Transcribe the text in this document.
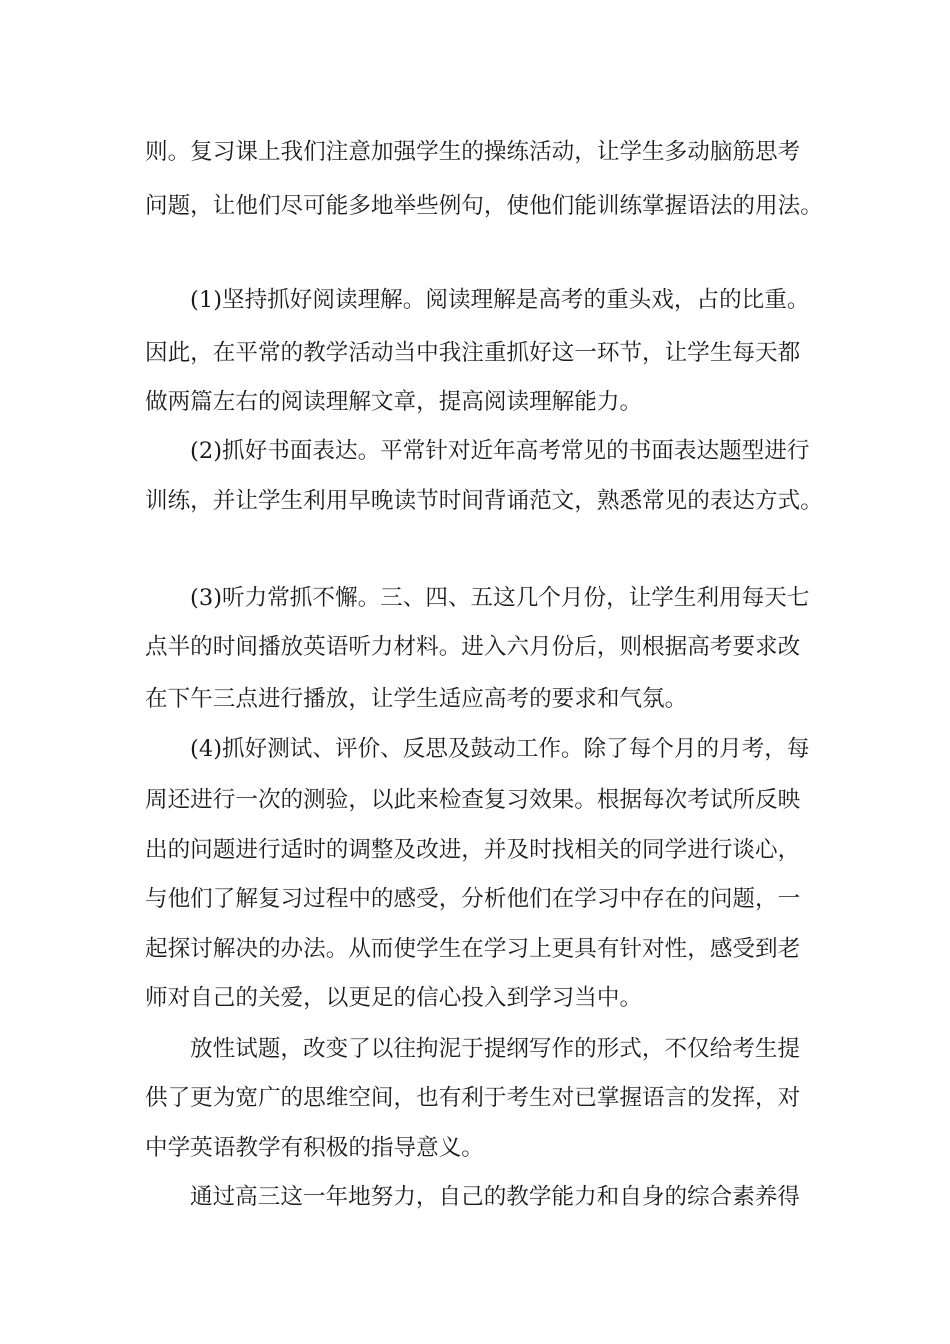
则。复习课上我们注意加强学生的操练活动，让学生多动脑筋思考
问题，让他们尽可能多地举些例句，使他们能训练掌握语法的用法。
(1)坚持抓好阅读理解。阅读理解是高考的重头戏，占的比重。
因此，在平常的教学活动当中我注重抓好这一环节，让学生每天都
做两篇左右的阅读理解文章，提高阅读理解能力。
(2)抓好书面表达。平常针对近年高考常见的书面表达题型进行
训练，并让学生利用早晚读节时间背诵范文，熟悉常见的表达方式。
(3)听力常抓不懈。三、四、五这几个月份，让学生利用每天七
点半的时间播放英语听力材料。进入六月份后，则根据高考要求改
在下午三点进行播放，让学生适应高考的要求和气氛。
(4)抓好测试、评价、反思及鼓动工作。除了每个月的月考，每
周还进行一次的测验，以此来检查复习效果。根据每次考试所反映
出的问题进行适时的调整及改进，并及时找相关的同学进行谈心，
与他们了解复习过程中的感受，分析他们在学习中存在的问题，一
起探讨解决的办法。从而使学生在学习上更具有针对性，感受到老
师对自己的关爱，以更足的信心投入到学习当中。
放性试题，改变了以往拘泥于提纲写作的形式，不仅给考生提
供了更为宽广的思维空间，也有利于考生对已掌握语言的发挥，对
中学英语教学有积极的指导意义。
通过高三这一年地努力，自己的教学能力和自身的综合素养得
